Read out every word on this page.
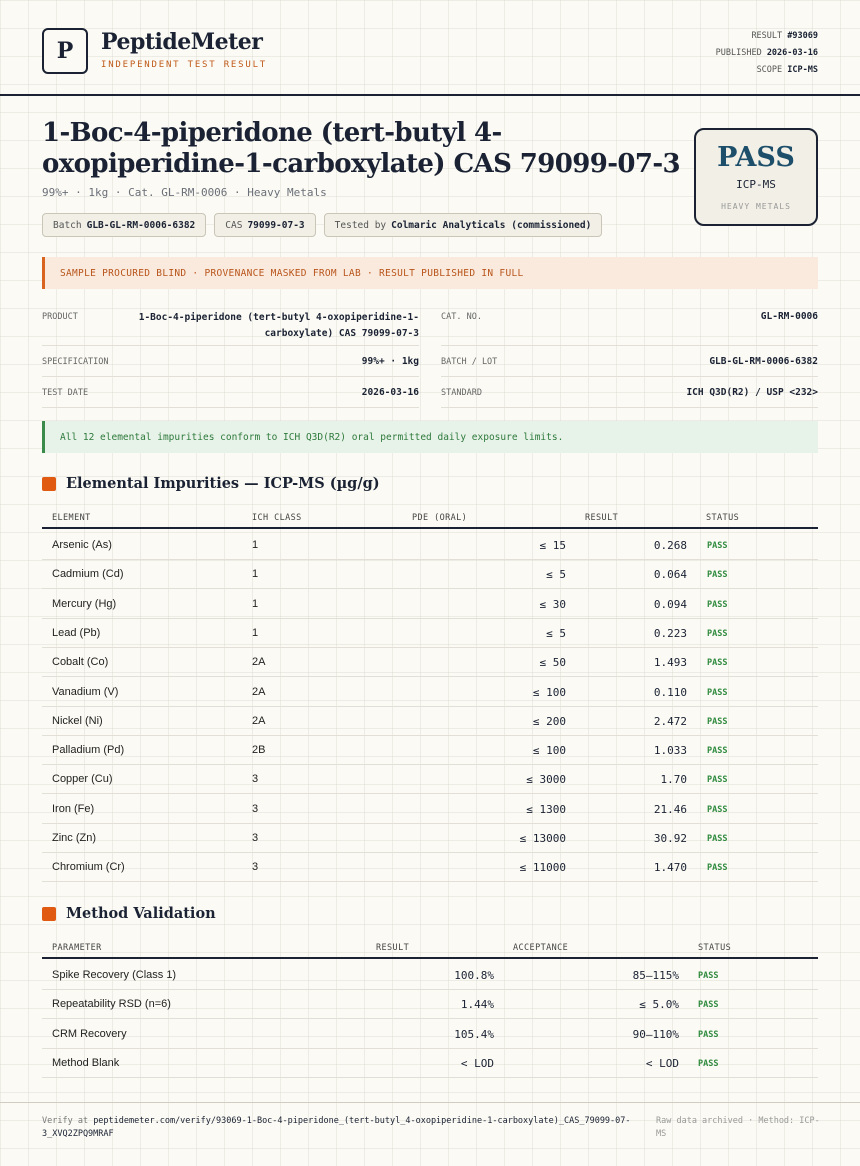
P	PeptideMeter
INDEPENDENT TEST RESULT
RESULT #93069
PUBLISHED 2026-03-16
SCOPE ICP-MS
1-Boc-4-piperidone (tert-butyl 4-oxopiperidine-1-carboxylate) CAS 79099-07-3
99%+ · 1kg · Cat. GL-RM-0006 · Heavy Metals
Batch GLB-GL-RM-0006-6382	CAS 79099-07-3	Tested by Colmaric Analyticals (commissioned)
PASS
ICP-MS
HEAVY METALS
SAMPLE PROCURED BLIND · PROVENANCE MASKED FROM LAB · RESULT PUBLISHED IN FULL
PRODUCT	1-Boc-4-piperidone (tert-butyl 4-oxopiperidine-1-
carboxylate) CAS 79099-07-3
CAT. NO.	GL-RM-0006
SPECIFICATION	99%+ · 1kg	BATCH / LOT	GLB-GL-RM-0006-6382
TEST DATE	2026-03-16	STANDARD	ICH Q3D(R2) / USP <232>
All 12 elemental impurities conform to ICH Q3D(R2) oral permitted daily exposure limits.
Elemental Impurities — ICP-MS (µg/g)
ELEMENT	ICH CLASS	PDE (ORAL)	RESULT	STATUS
Arsenic (As)	1	≤ 15	0.268 PASS
Cadmium (Cd)	1	≤ 5	0.064 PASS
Mercury (Hg)	1	≤ 30	0.094 PASS
Lead (Pb)	1	≤ 5	0.223 PASS
Cobalt (Co)	2A	≤ 50	1.493 PASS
Vanadium (V)	2A	≤ 100	0.110 PASS
Nickel (Ni)	2A	≤ 200	2.472 PASS
Palladium (Pd)	2B	≤ 100	1.033 PASS
Copper (Cu)	3	≤ 3000	1.70 PASS
Iron (Fe)	3	≤ 1300	21.46 PASS
Zinc (Zn)	3	≤ 13000	30.92 PASS
Chromium (Cr)	3	≤ 11000	1.470 PASS
Method Validation
PARAMETER	RESULT	ACCEPTANCE	STATUS
Spike Recovery (Class 1)	100.8%	85–115% PASS
Repeatability RSD (n=6)	1.44%	≤ 5.0% PASS
CRM Recovery	105.4%	90–110% PASS
Method Blank	< LOD	< LOD PASS
Verify at peptidemeter.com/verify/93069-1-Boc-4-piperidone_(tert-butyl_4-oxopiperidine-1-carboxylate)_CAS_79099-07-3_XVQ2ZPQ9MRAF
Raw data archived · Method: ICP-MS
